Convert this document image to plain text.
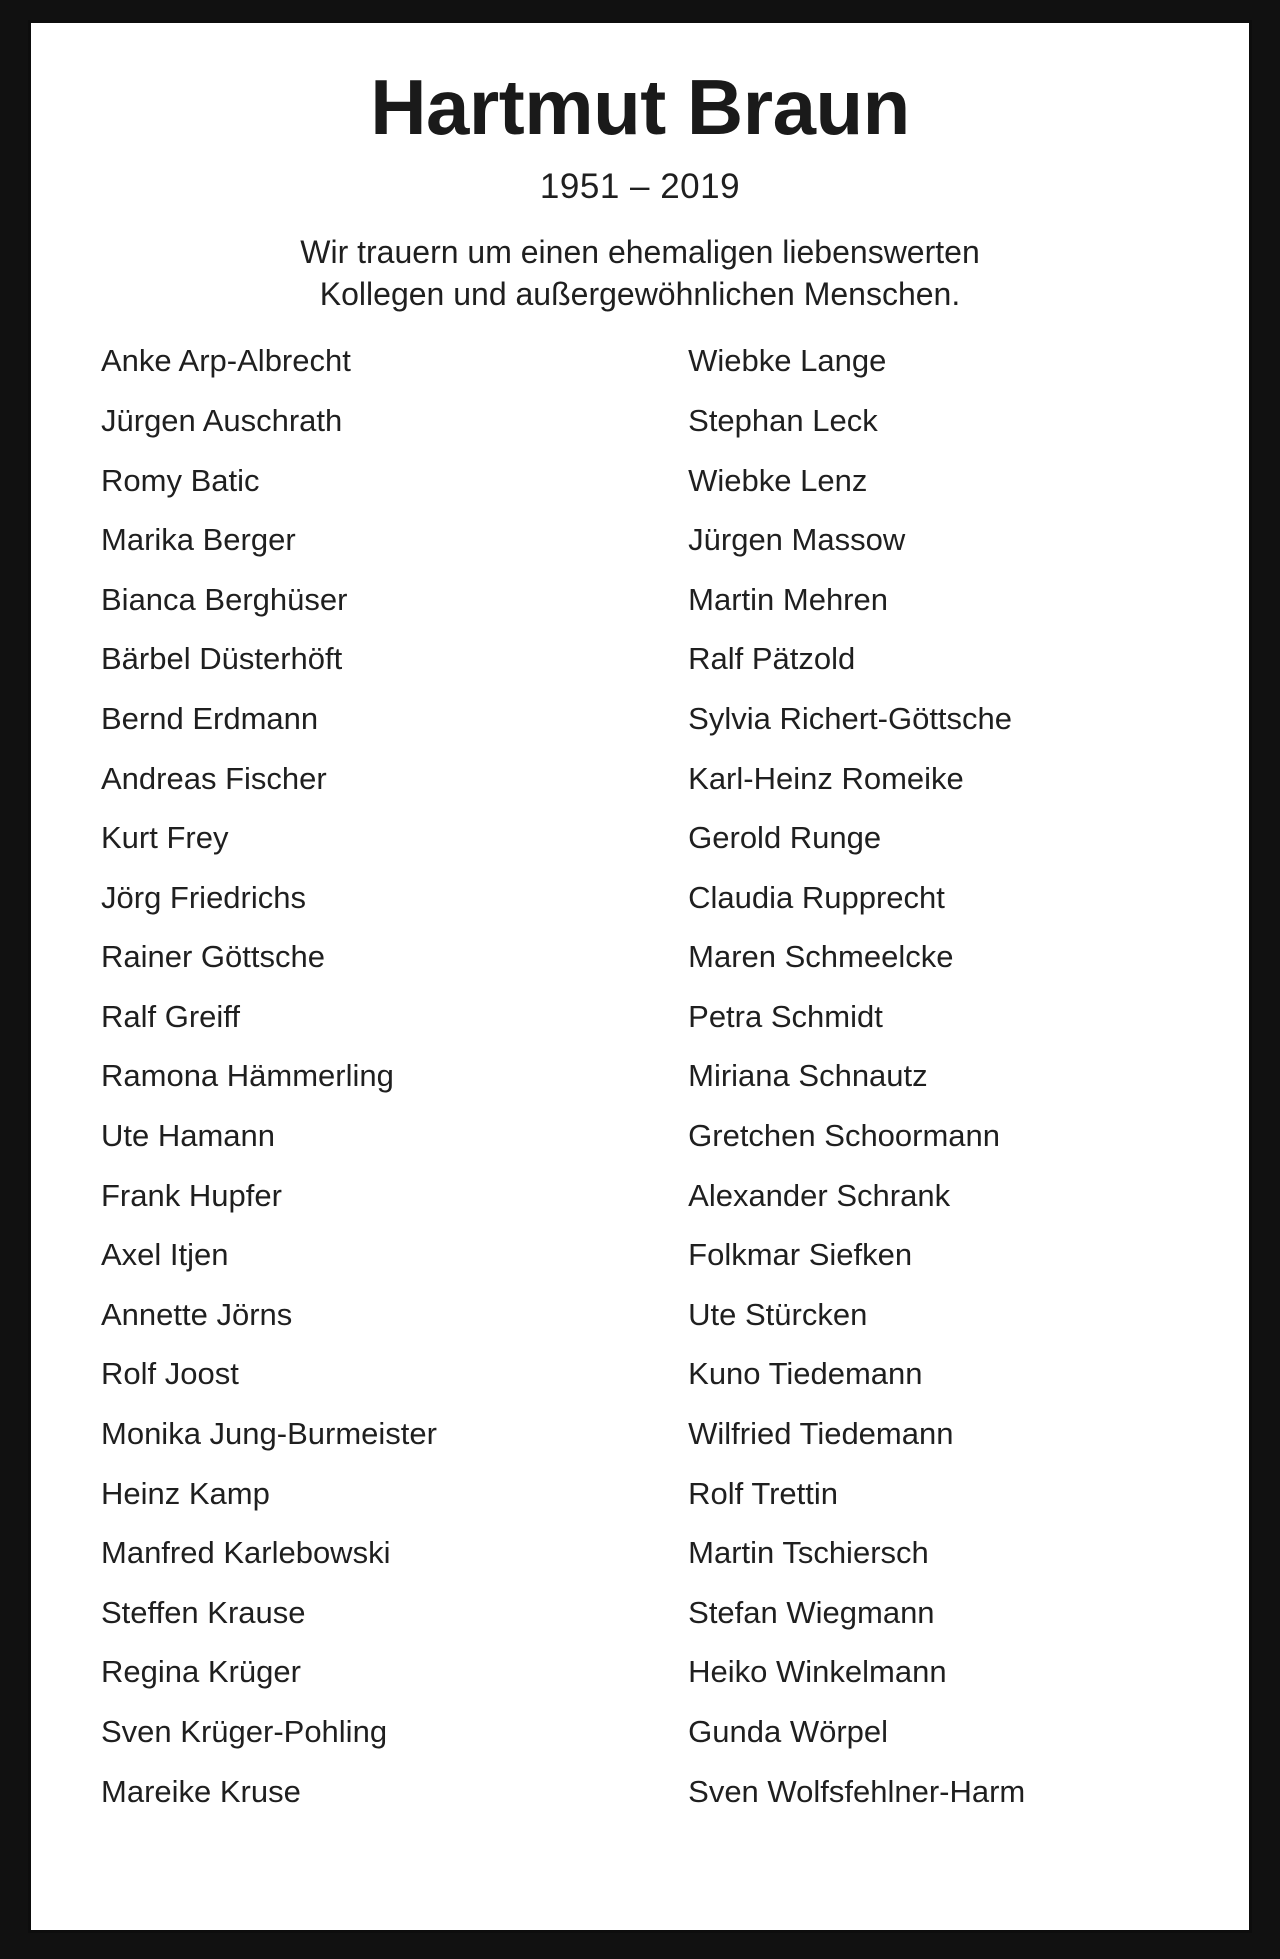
Hartmut Braun
1951 – 2019
Wir trauern um einen ehemaligen liebenswerten
Kollegen und außergewöhnlichen Menschen.
Anke Arp-Albrecht
Jürgen Auschrath
Romy Batic
Marika Berger
Bianca Berghüser
Bärbel Düsterhöft
Bernd Erdmann
Andreas Fischer
Kurt Frey
Jörg Friedrichs
Rainer Göttsche
Ralf Greiff
Ramona Hämmerling
Ute Hamann
Frank Hupfer
Axel Itjen
Annette Jörns
Rolf Joost
Monika Jung-Burmeister
Heinz Kamp
Manfred Karlebowski
Steffen Krause
Regina Krüger
Sven Krüger-Pohling
Mareike Kruse
Wiebke Lange
Stephan Leck
Wiebke Lenz
Jürgen Massow
Martin Mehren
Ralf Pätzold
Sylvia Richert-Göttsche
Karl-Heinz Romeike
Gerold Runge
Claudia Rupprecht
Maren Schmeelcke
Petra Schmidt
Miriana Schnautz
Gretchen Schoormann
Alexander Schrank
Folkmar Siefken
Ute Stürcken
Kuno Tiedemann
Wilfried Tiedemann
Rolf Trettin
Martin Tschiersch
Stefan Wiegmann
Heiko Winkelmann
Gunda Wörpel
Sven Wolfsfehlner-Harm
